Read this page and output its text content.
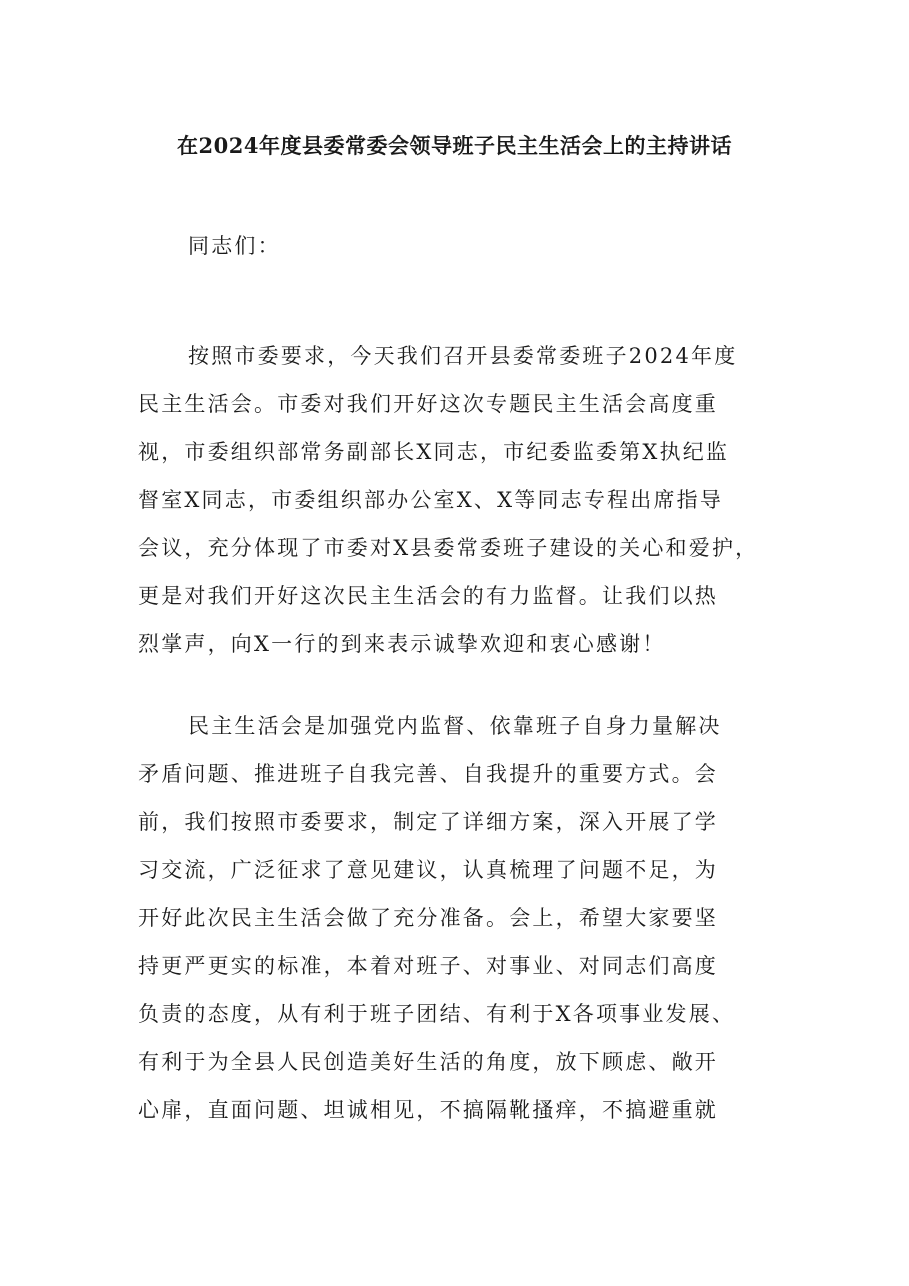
在2024年度县委常委会领导班子民主生活会上的主持讲话
同志们：
按照市委要求，今天我们召开县委常委班子2024年度
民主生活会。市委对我们开好这次专题民主生活会高度重
视，市委组织部常务副部长X同志，市纪委监委第X执纪监
督室X同志，市委组织部办公室X、X等同志专程出席指导
会议，充分体现了市委对X县委常委班子建设的关心和爱护，
更是对我们开好这次民主生活会的有力监督。让我们以热
烈掌声，向X一行的到来表示诚挚欢迎和衷心感谢！
民主生活会是加强党内监督、依靠班子自身力量解决
矛盾问题、推进班子自我完善、自我提升的重要方式。会
前，我们按照市委要求，制定了详细方案，深入开展了学
习交流，广泛征求了意见建议，认真梳理了问题不足，为
开好此次民主生活会做了充分准备。会上，希望大家要坚
持更严更实的标准，本着对班子、对事业、对同志们高度
负责的态度，从有利于班子团结、有利于X各项事业发展、
有利于为全县人民创造美好生活的角度，放下顾虑、敞开
心扉，直面问题、坦诚相见，不搞隔靴搔痒，不搞避重就
